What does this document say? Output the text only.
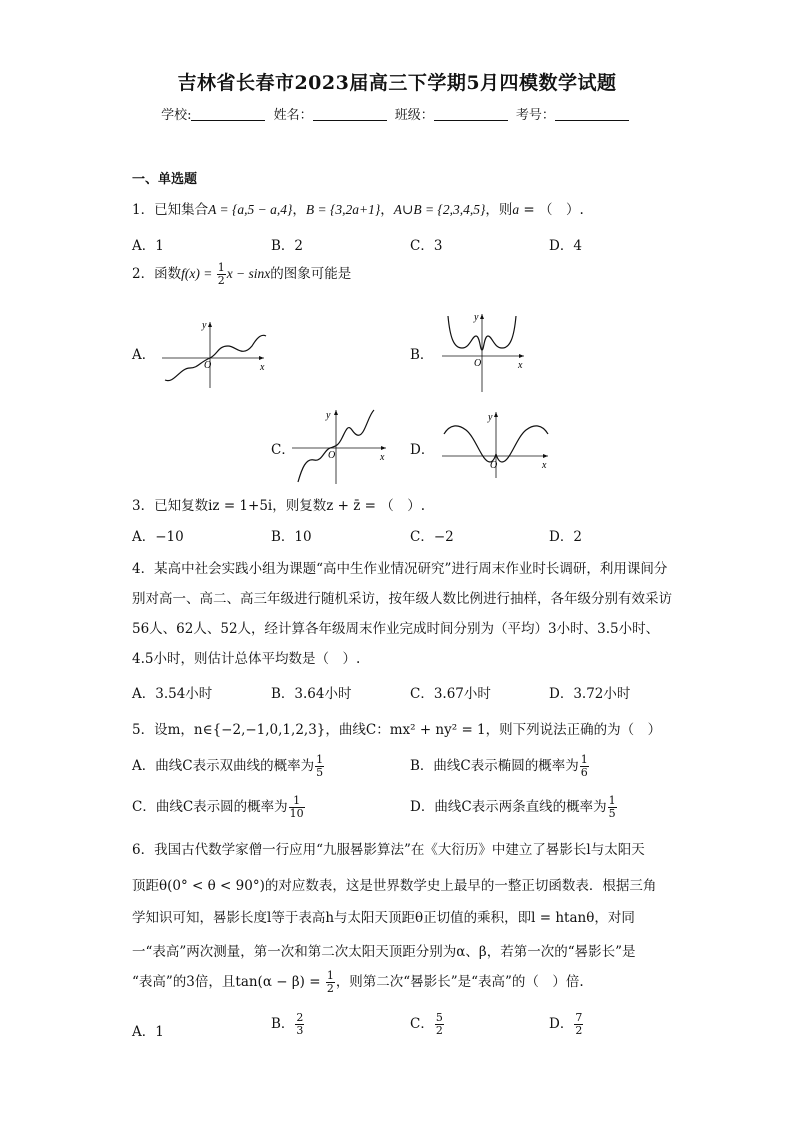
吉林省长春市2023届高三下学期5月四模数学试题
学校:	姓名：	班级：	考号：
一、单选题
1．已知集合A = {a,5 − a,4}，B = {3,2a+1}，A∪B = {2,3,4,5}，则a = （　）.
A．1	B．2	C．3	D．4
2．函数$f(x) = \frac{1}{2}$ x − sinx的图象可能是
A．
O	x
y
B．
O	x
y
C．	O	x
y
D．
O	x
y
3．已知复数iz = 1+5i，则复数z + z̄ = （　）.
A．−10	B．10	C．−2	D．2
4．某高中社会实践小组为课题“高中生作业情况研究”进行周末作业时长调研，利用课间分别对高一、高二、高三年级进行随机采访，按年级人数比例进行抽样，各年级分别有效采访56人、62人、52人，经计算各年级周末作业完成时间分别为（平均）3小时、3.5小时、4.5小时，则估计总体平均数是（　）.
A．3.54小时	B．3.64小时	C．3.67小时	D．3.72小时
5．设m，n∈{−2,−1,0,1,2,3}，曲线C：mx² + ny² = 1，则下列说法正确的为（　）
A．曲线C表示双曲线的概率为 $\frac{1}{5}$	B．曲线C表示椭圆的概率为 $\frac{1}{6}$
C．曲线C表示圆的概率为 $\frac{1}{10}$	D．曲线C表示两条直线的概率为 $\frac{1}{5}$
6．我国古代数学家僧一行应用“九服晷影算法”在《大衍历》中建立了晷影长l与太阳天
顶距θ(0° < θ < 90°)的对应数表，这是世界数学史上最早的一整正切函数表．根据三角
学知识可知，晷影长度l等于表高h与太阳天顶距θ正切值的乘积，即l = htanθ，对同
一“表高”两次测量，第一次和第二次太阳天顶距分别为α、β，若第一次的“晷影长”是
“表高”的3倍，且$\tan(\alpha - \beta) = \frac{1}{2}$ ，则第二次“晷影长”是“表高”的（　）倍.
A．1	B． $\frac{2}{3}$	C． $\frac{5}{2}$	D． $\frac{7}{2}$
